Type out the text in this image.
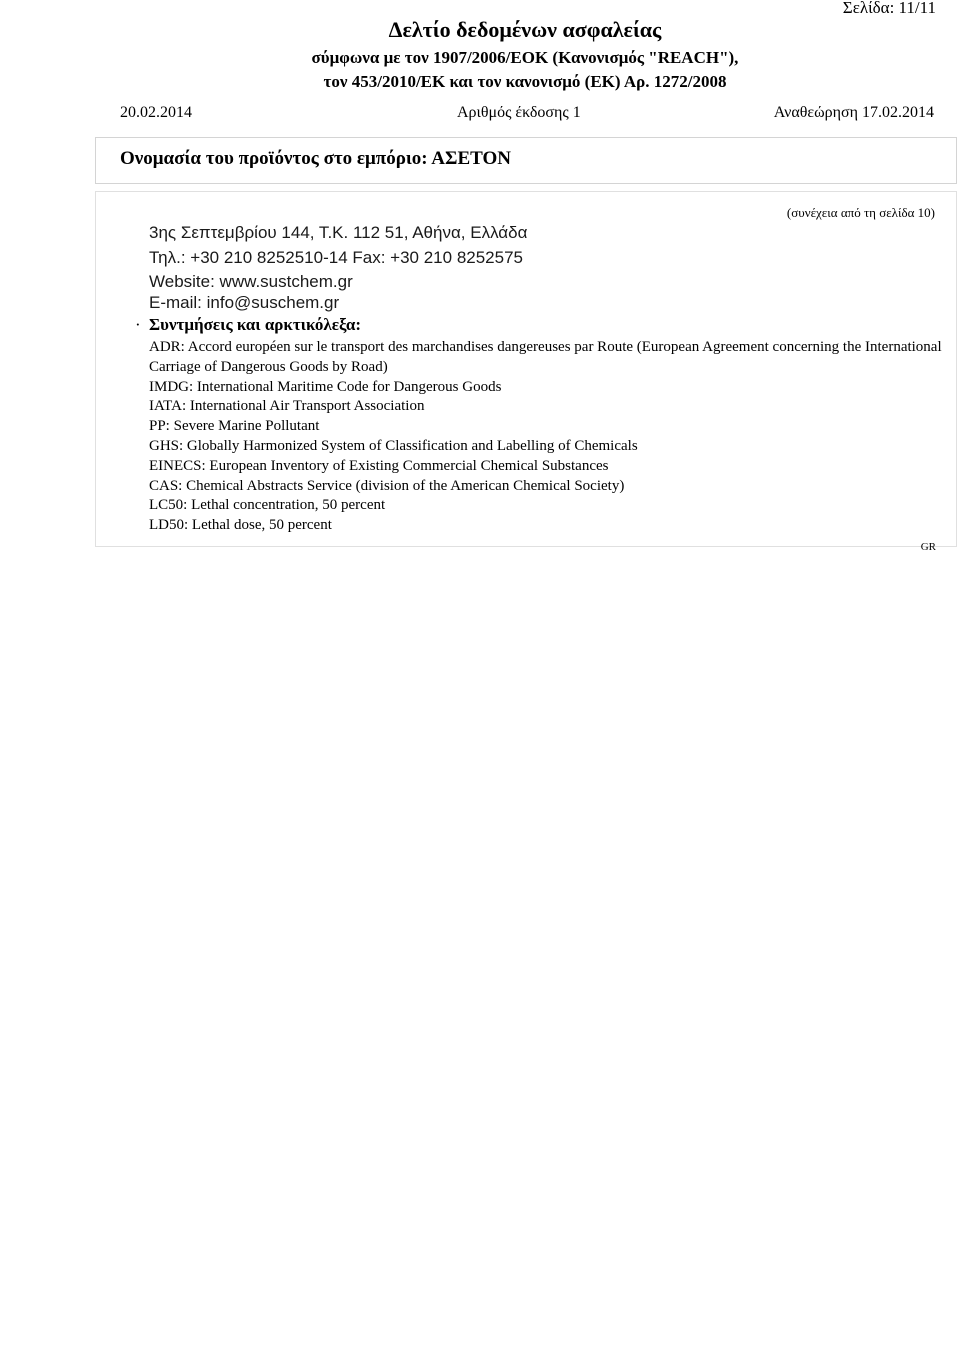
Σελίδα: 11/11
Δελτίο δεδομένων ασφαλείας
σύμφωνα με τον 1907/2006/ΕΟΚ (Κανονισμός "REACH"),
τον 453/2010/ΕΚ και τον κανονισμό (ΕΚ) Αρ. 1272/2008
20.02.2014	Αριθμός έκδοσης 1	Αναθεώρηση 17.02.2014
Ονομασία του προϊόντος στο εμπόριο: ΑΣΕΤΟΝ
(συνέχεια από τη σελίδα 10)
3ης Σεπτεμβρίου 144, Τ.Κ. 112 51, Αθήνα, Ελλάδα
Τηλ.: +30 210 8252510-14 Fax: +30 210 8252575
Website: www.sustchem.gr
E-mail: info@suschem.gr
· Συντμήσεις και αρκτικόλεξα:

ADR: Accord européen sur le transport des marchandises dangereuses par Route (European Agreement concerning the International Carriage of Dangerous Goods by Road)

IMDG: International Maritime Code for Dangerous Goods

IATA: International Air Transport Association

PP: Severe Marine Pollutant

GHS: Globally Harmonized System of Classification and Labelling of Chemicals

EINECS: European Inventory of Existing Commercial Chemical Substances

CAS: Chemical Abstracts Service (division of the American Chemical Society)

LC50: Lethal concentration, 50 percent

LD50: Lethal dose, 50 percent

GR
